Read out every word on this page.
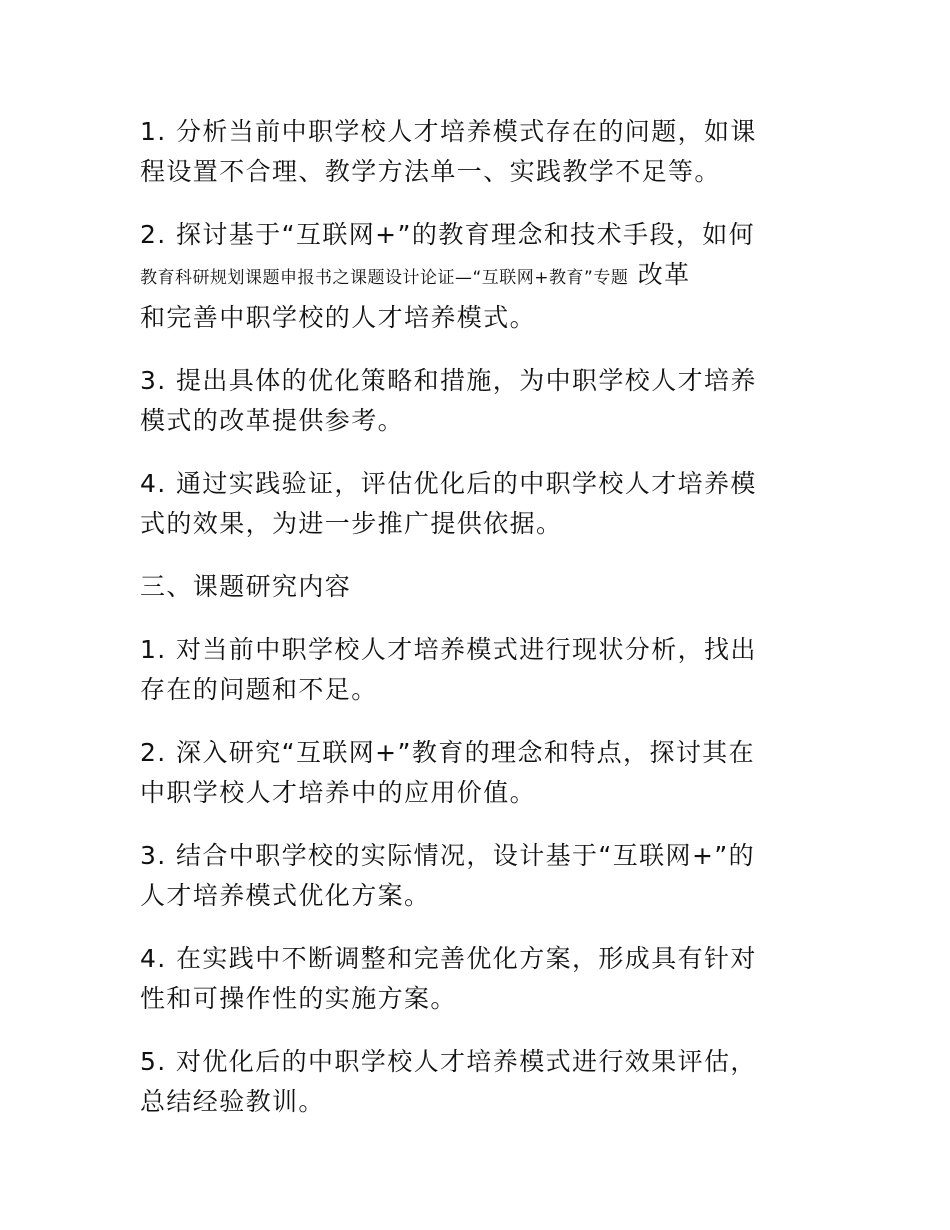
1. 分析当前中职学校人才培养模式存在的问题，如课
程设置不合理、教学方法单一、实践教学不足等。

2. 探讨基于“互联网+”的教育理念和技术手段，如何
教育科研规划课题申报书之课题设计论证—“互联网+教育”专题 改革
和完善中职学校的人才培养模式。

3. 提出具体的优化策略和措施，为中职学校人才培养
模式的改革提供参考。

4. 通过实践验证，评估优化后的中职学校人才培养模
式的效果，为进一步推广提供依据。

三、课题研究内容

1. 对当前中职学校人才培养模式进行现状分析，找出
存在的问题和不足。

2. 深入研究“互联网+”教育的理念和特点，探讨其在
中职学校人才培养中的应用价值。

3. 结合中职学校的实际情况，设计基于“互联网+”的
人才培养模式优化方案。

4. 在实践中不断调整和完善优化方案，形成具有针对
性和可操作性的实施方案。

5. 对优化后的中职学校人才培养模式进行效果评估，
总结经验教训。
